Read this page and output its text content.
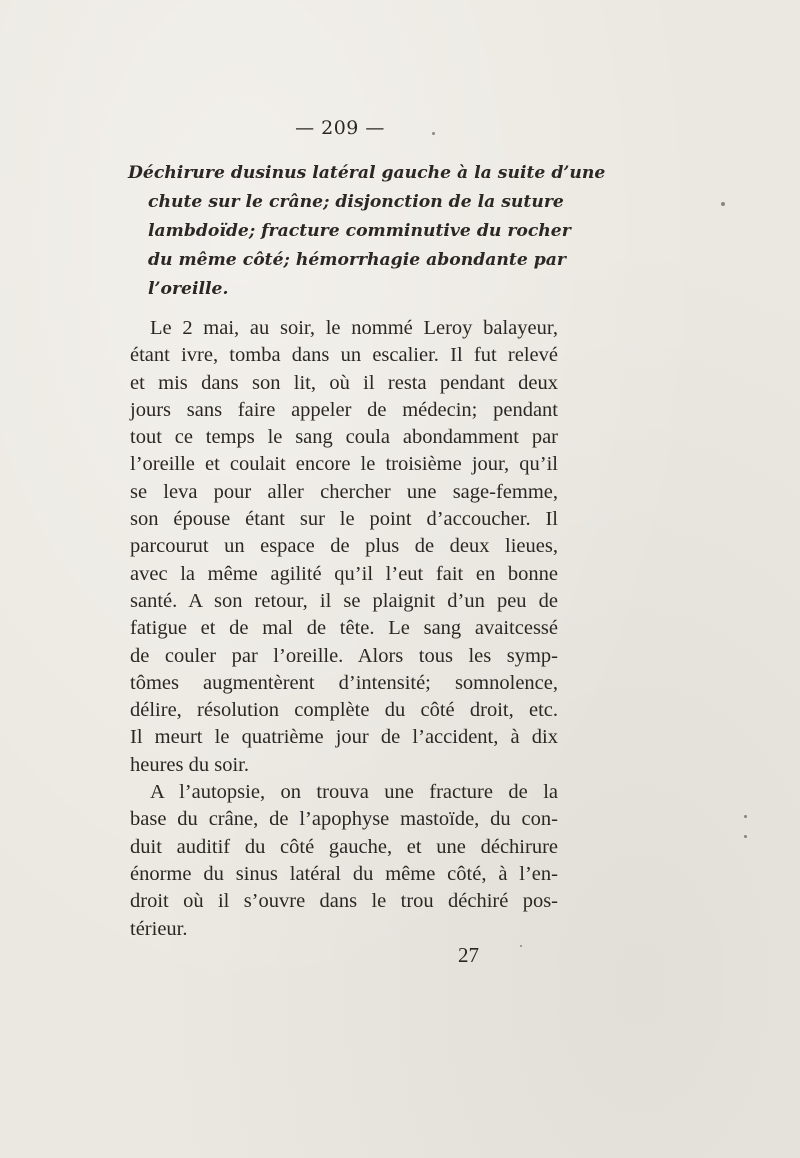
— 209 —
Déchirure dusinus latéral gauche à la suite d’une
chute sur le crâne; disjonction de la suture
lambdoïde; fracture comminutive du rocher
du même côté; hémorrhagie abondante par
l’oreille.
Le 2 mai, au soir, le nommé Leroy balayeur,
étant ivre, tomba dans un escalier. Il fut relevé
et mis dans son lit, où il resta pendant deux
jours sans faire appeler de médecin; pendant
tout ce temps le sang coula abondamment par
l’oreille et coulait encore le troisième jour, qu’il
se leva pour aller chercher une sage-femme,
son épouse étant sur le point d’accoucher. Il
parcourut un espace de plus de deux lieues,
avec la même agilité qu’il l’eut fait en bonne
santé. A son retour, il se plaignit d’un peu de
fatigue et de mal de tête. Le sang avaitcessé
de couler par l’oreille. Alors tous les symp-
tômes augmentèrent d’intensité; somnolence,
délire, résolution complète du côté droit, etc.
Il meurt le quatrième jour de l’accident, à dix
heures du soir.
A l’autopsie, on trouva une fracture de la
base du crâne, de l’apophyse mastoïde, du con-
duit auditif du côté gauche, et une déchirure
énorme du sinus latéral du même côté, à l’en-
droit où il s’ouvre dans le trou déchiré pos-
térieur.
27
